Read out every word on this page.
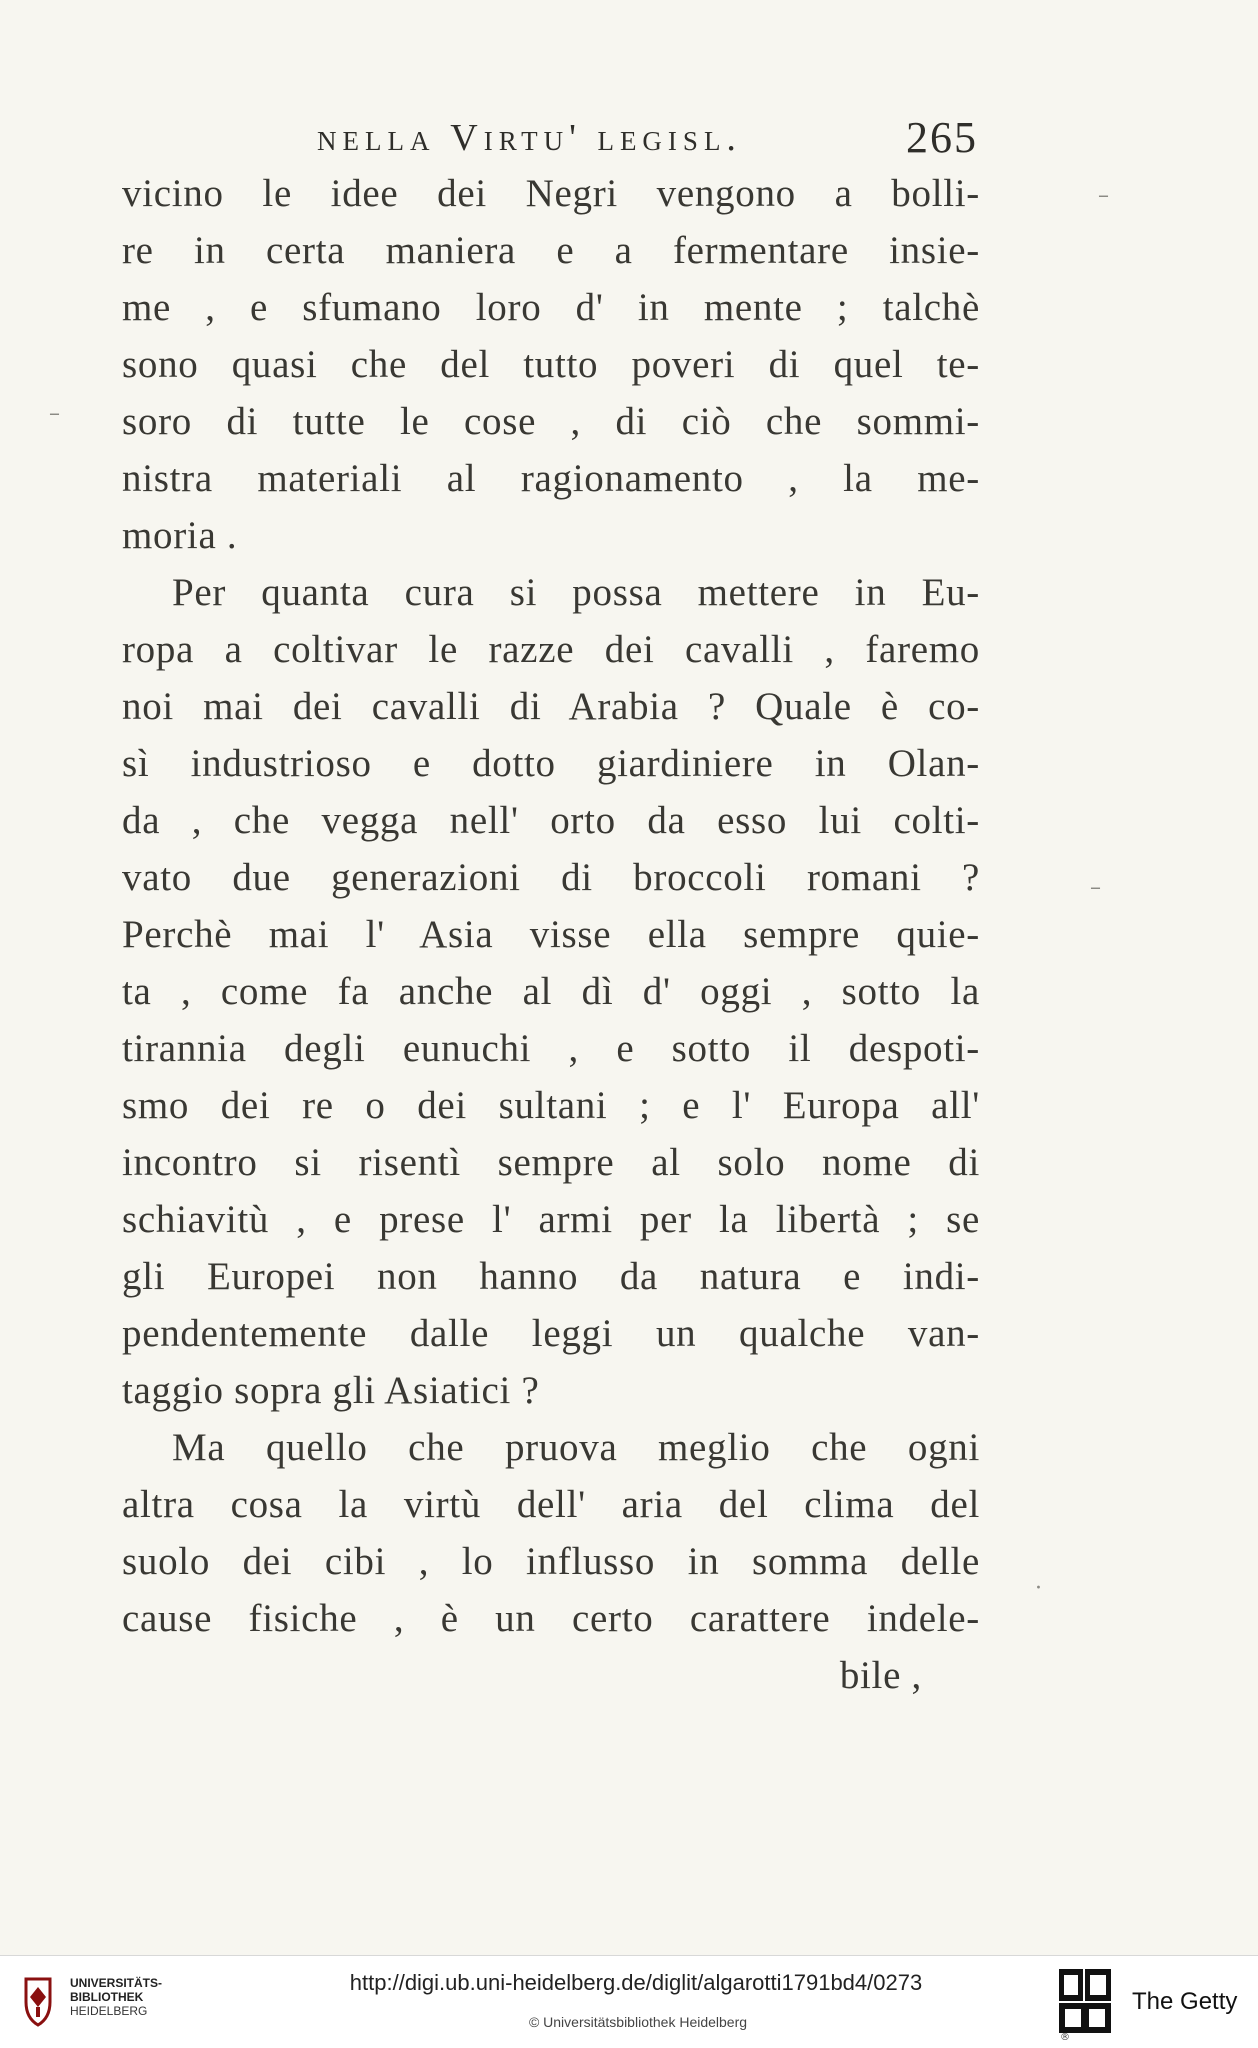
nella Virtu' legisl.	265
vicino le idee dei Negri vengono a bolli-
re in certa maniera e a fermentare insie-
me , e sfumano loro d' in mente ; talchè
sono quasi che del tutto poveri di quel te-
soro di tutte le cose , di ciò che sommi-
nistra materiali al ragionamento , la me-
moria .
Per quanta cura si possa mettere in Eu-
ropa a coltivar le razze dei cavalli , faremo
noi mai dei cavalli di Arabia ? Quale è co-
sì industrioso e dotto giardiniere in Olan-
da , che vegga nell' orto da esso lui colti-
vato due generazioni di broccoli romani ?
Perchè mai l' Asia visse ella sempre quie-
ta , come fa anche al dì d' oggi , sotto la
tirannia degli eunuchi , e sotto il despoti-
smo dei re o dei sultani ; e l' Europa all'
incontro si risentì sempre al solo nome di
schiavitù , e prese l' armi per la libertà ; se
gli Europei non hanno da natura e indi-
pendentemente dalle leggi un qualche van-
taggio sopra gli Asiatici ?
Ma quello che pruova meglio che ogni
altra cosa la virtù dell' aria del clima del
suolo dei cibi , lo influsso in somma delle
cause fisiche , è un certo carattere indele-
bile ,
–
–
–
·
UNIVERSITÄTS-
BIBLIOTHEK
HEIDELBERG
http://digi.ub.uni-heidelberg.de/diglit/algarotti1791bd4/0273
© Universitätsbibliothek Heidelberg
The Getty
®
